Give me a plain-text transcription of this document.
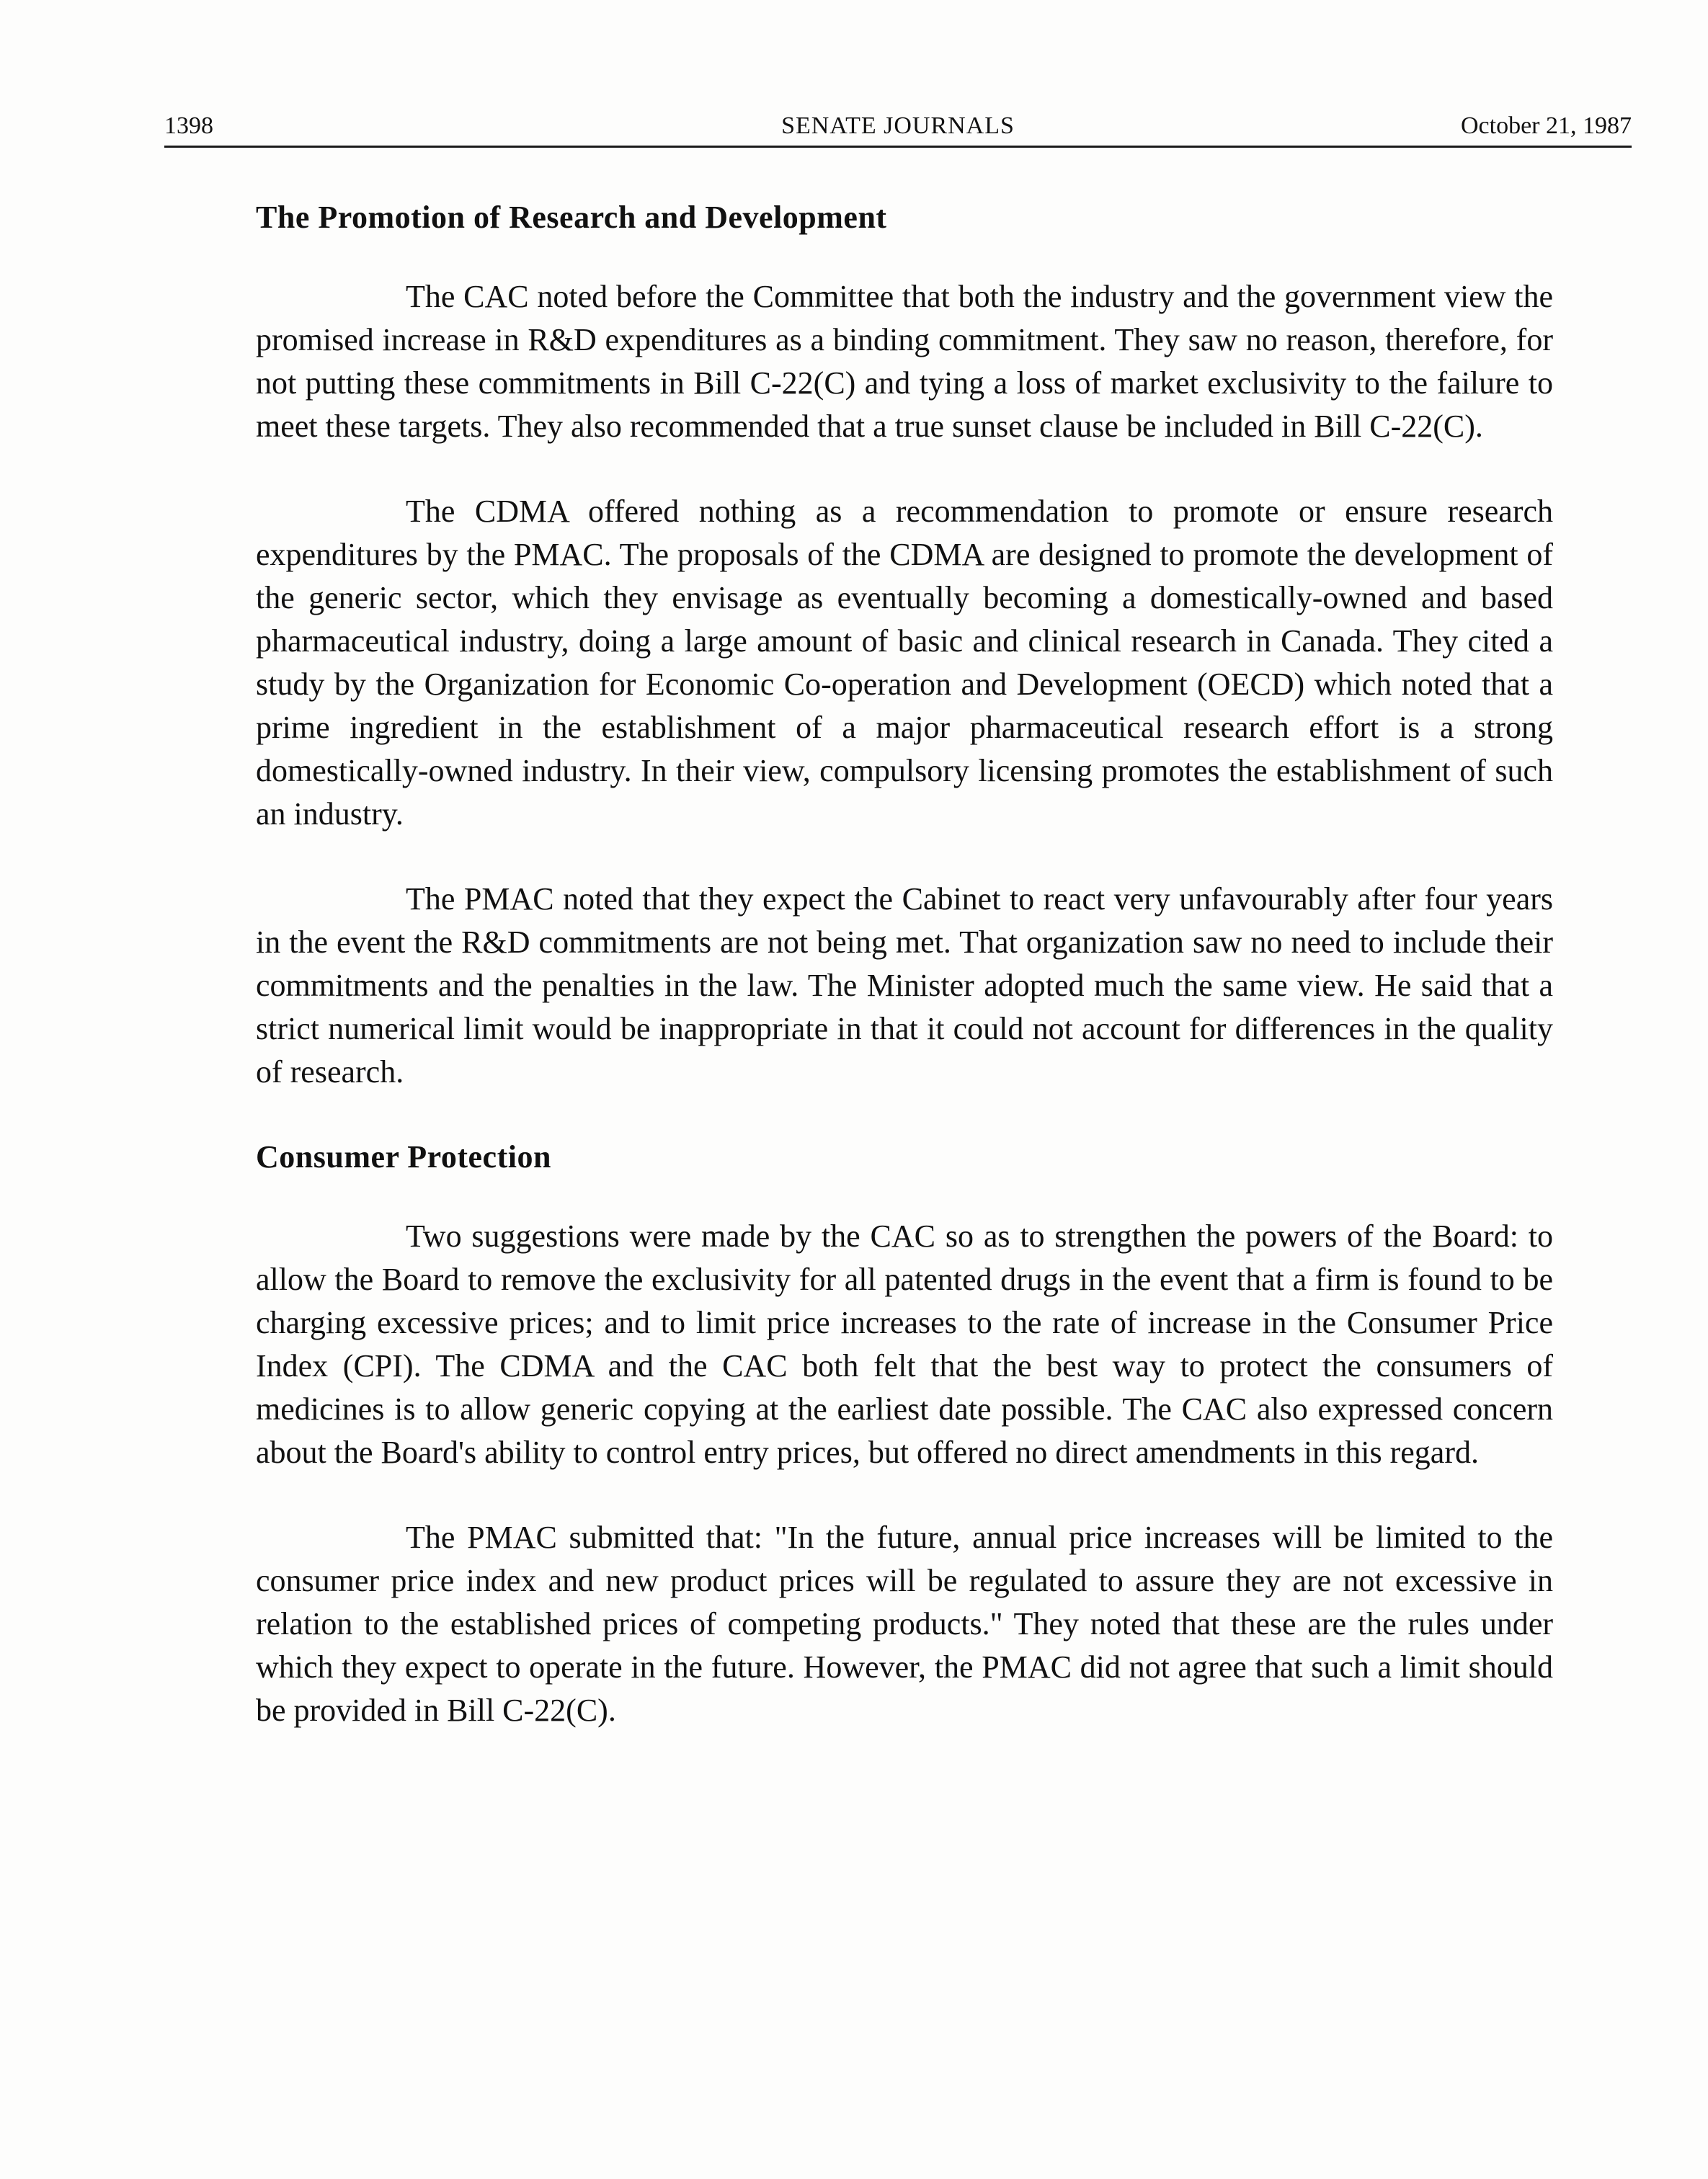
1398	SENATE JOURNALS	October 21, 1987
The Promotion of Research and Development

The CAC noted before the Committee that both the industry and the government view the promised increase in R&D expenditures as a binding commitment. They saw no reason, therefore, for not putting these commitments in Bill C-22(C) and tying a loss of market exclusivity to the failure to meet these targets. They also recommended that a true sunset clause be included in Bill C-22(C).

The CDMA offered nothing as a recommendation to promote or ensure research expenditures by the PMAC. The proposals of the CDMA are designed to promote the development of the generic sector, which they envisage as eventually becoming a domestically-owned and based pharmaceutical industry, doing a large amount of basic and clinical research in Canada. They cited a study by the Organization for Economic Co-operation and Development (OECD) which noted that a prime ingredient in the establishment of a major pharmaceutical research effort is a strong domestically-owned industry. In their view, compulsory licensing promotes the establishment of such an industry.

The PMAC noted that they expect the Cabinet to react very unfavourably after four years in the event the R&D commitments are not being met. That organization saw no need to include their commitments and the penalties in the law. The Minister adopted much the same view. He said that a strict numerical limit would be inappropriate in that it could not account for differences in the quality of research.

Consumer Protection

Two suggestions were made by the CAC so as to strengthen the powers of the Board: to allow the Board to remove the exclusivity for all patented drugs in the event that a firm is found to be charging excessive prices; and to limit price increases to the rate of increase in the Consumer Price Index (CPI). The CDMA and the CAC both felt that the best way to protect the consumers of medicines is to allow generic copying at the earliest date possible. The CAC also expressed concern about the Board's ability to control entry prices, but offered no direct amendments in this regard.

The PMAC submitted that: "In the future, annual price increases will be limited to the consumer price index and new product prices will be regulated to assure they are not excessive in relation to the established prices of competing products." They noted that these are the rules under which they expect to operate in the future. However, the PMAC did not agree that such a limit should be provided in Bill C-22(C).
